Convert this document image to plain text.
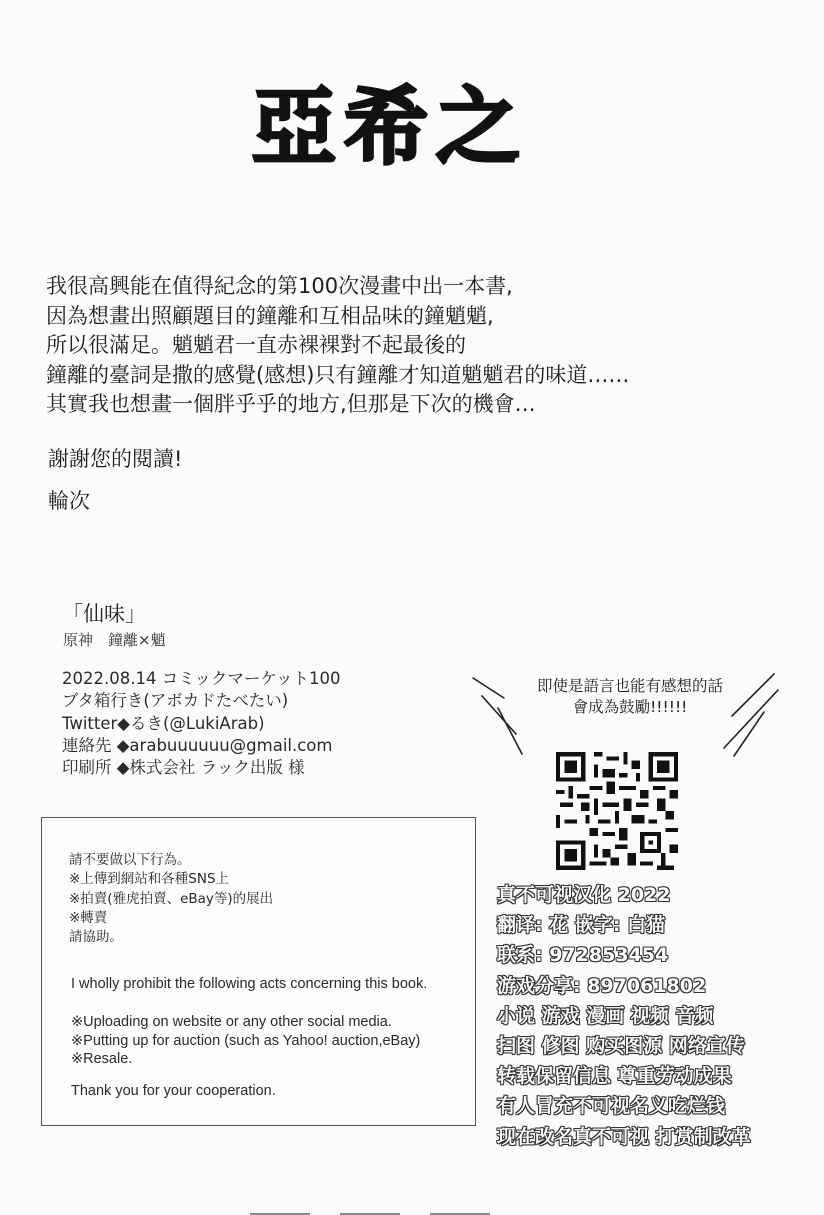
亞希之
我很高興能在值得紀念的第100次漫畫中出一本書,
因為想畫出照顧題目的鐘離和互相品味的鐘魈魈,
所以很滿足。魈魈君一直赤裸裸對不起最後的
鐘離的臺詞是撒的感覺(感想)只有鐘離才知道魈魈君的味道……
其實我也想畫一個胖乎乎的地方,但那是下次的機會…
謝謝您的閱讀!
輪次
「仙味」
原神　鐘離×魈
2022.08.14 コミックマーケット100
ブタ箱行き(アボカドたべたい)
Twitter◆るき(@LukiArab)
連絡先 ◆arabuuuuuu@gmail.com
印刷所 ◆株式会社 ラック出版 様
請不要做以下行為。
※上傳到網站和各種SNS上
※拍賣(雅虎拍賣、eBay等)的展出
※轉賣
請協助。
I wholly prohibit the following acts concerning this book.
※Uploading on website or any other social media.
※Putting up for auction (such as Yahoo! auction,eBay)
※Resale.
Thank you for your cooperation.
即使是語言也能有感想的話
會成為鼓勵!!!!!!
真不可视汉化 2022
翻译: 花 嵌字: 白猫
联系: 972853454
游戏分享: 897061802
小说 游戏 漫画 视频 音频
扫图 修图 购买图源 网络宣传
转载保留信息 尊重劳动成果
有人冒充不可视名义吃烂钱
现在改名真不可视 打赏制改革
